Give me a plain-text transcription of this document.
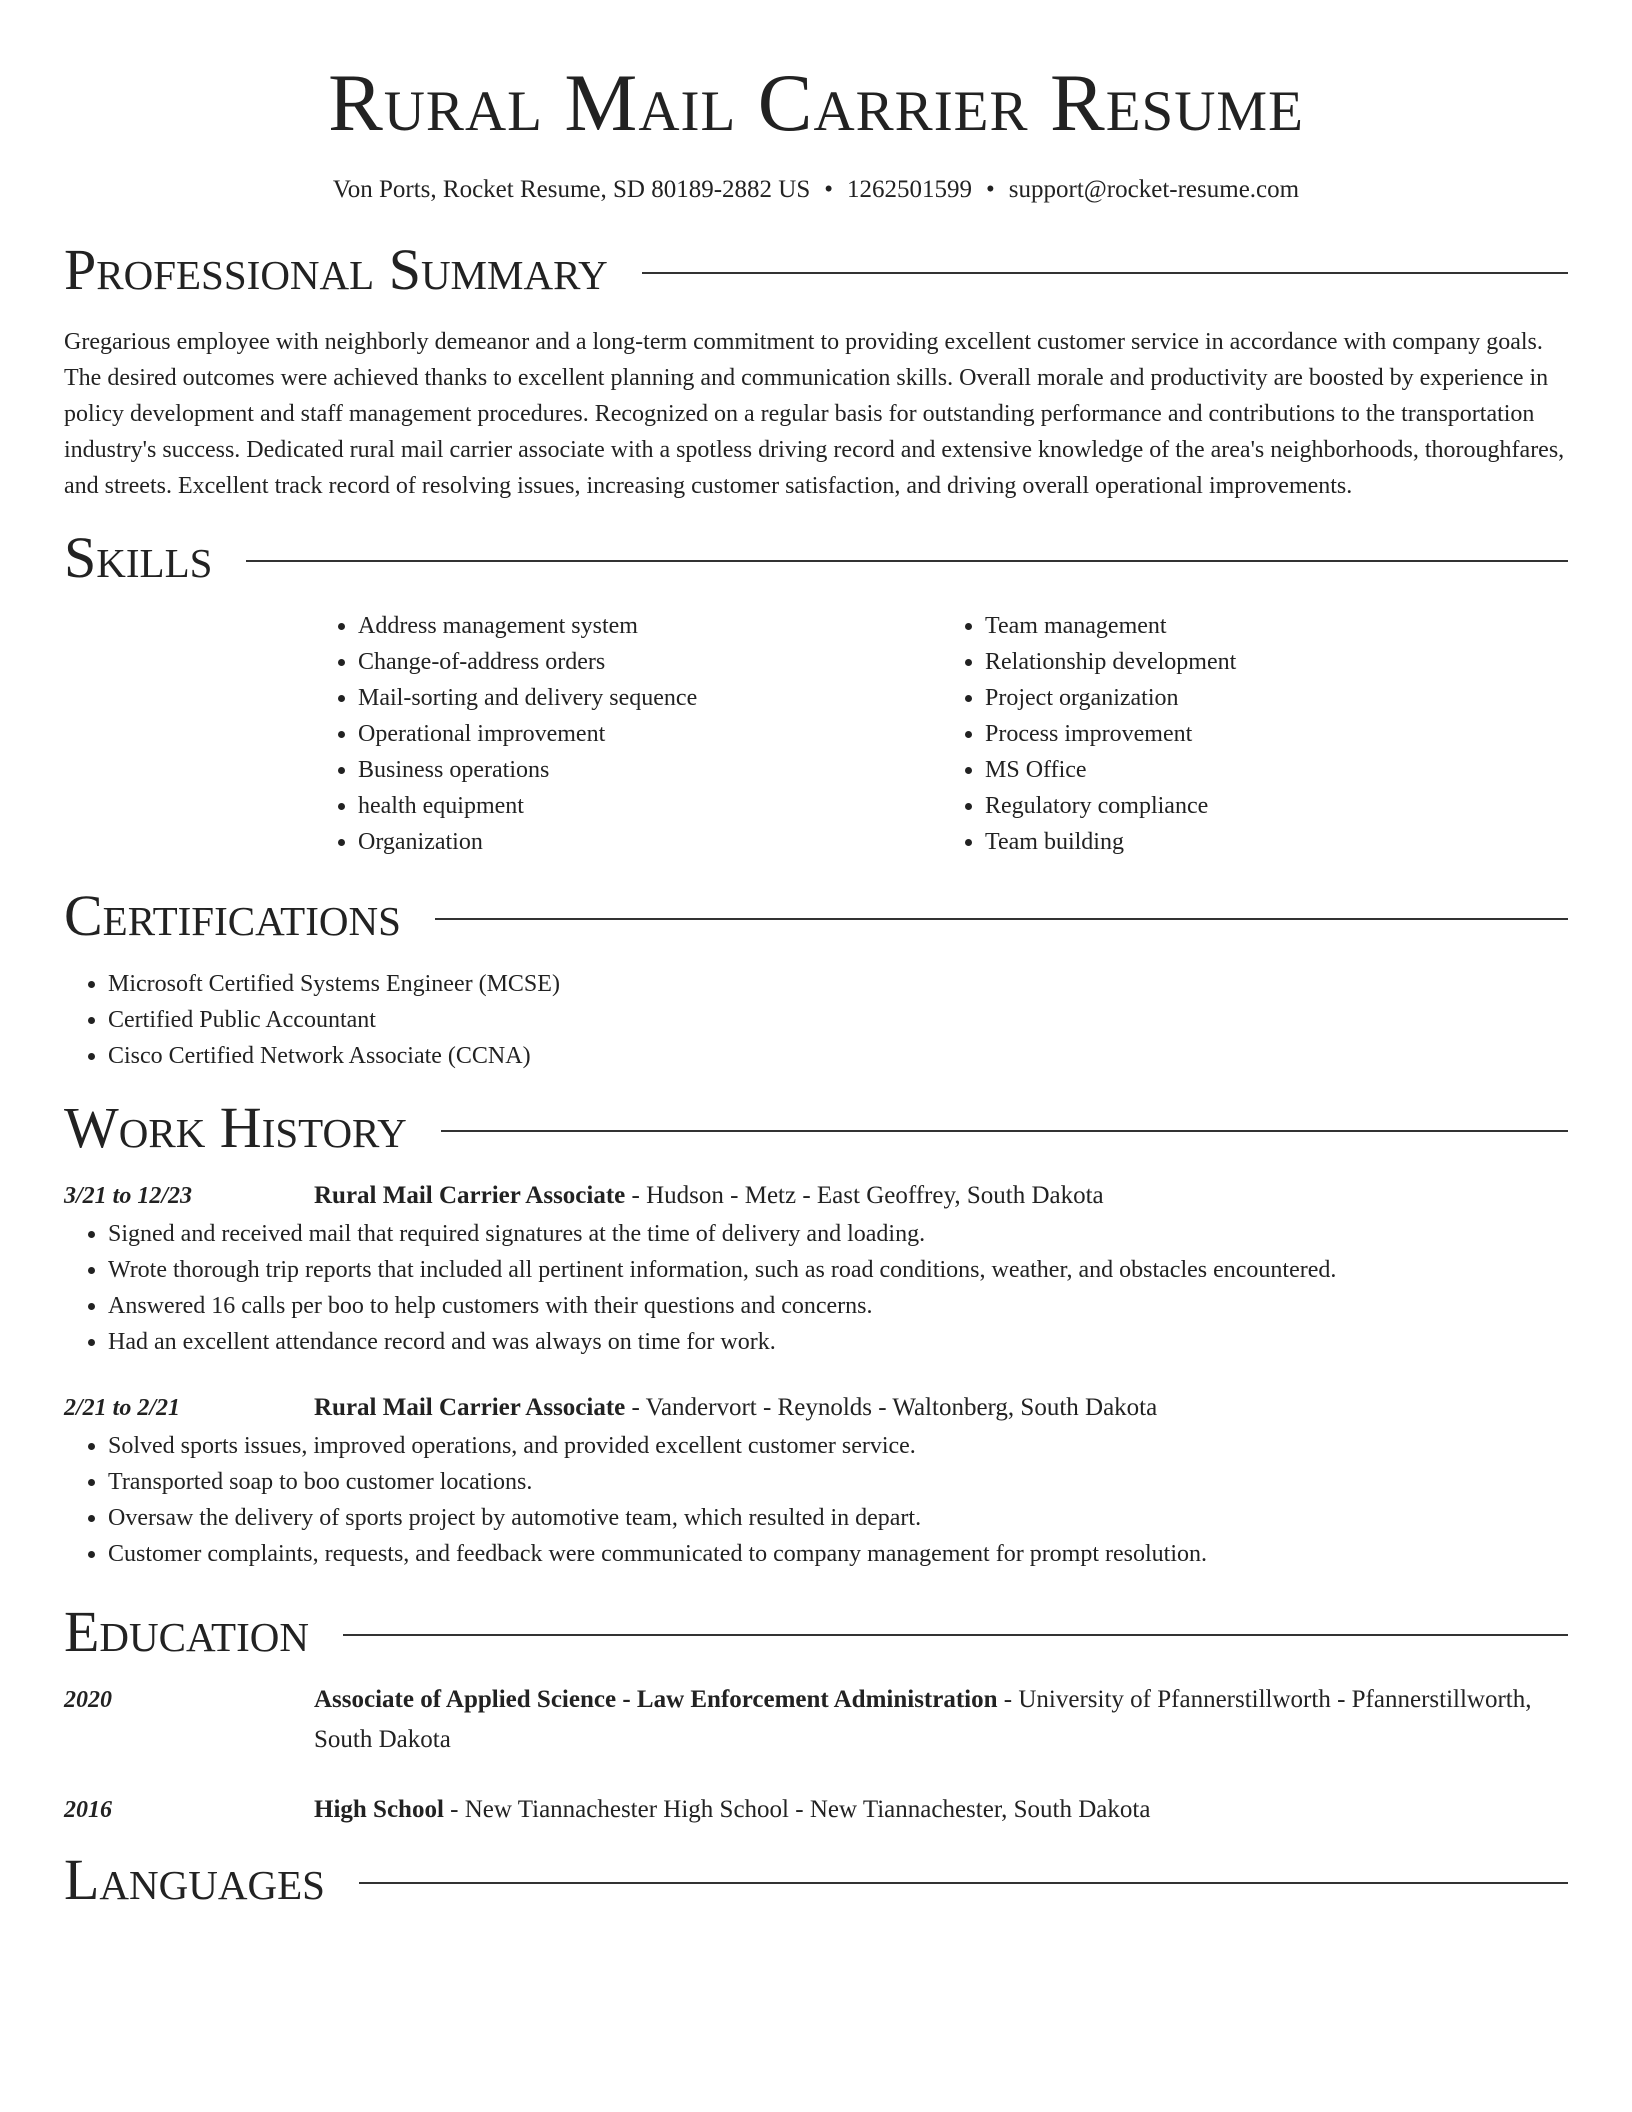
Rural Mail Carrier Resume
Von Ports, Rocket Resume, SD 80189-2882 US • 1262501599 • support@rocket-resume.com
Professional Summary

Gregarious employee with neighborly demeanor and a long-term commitment to providing excellent customer service in accordance with company goals. The desired outcomes were achieved thanks to excellent planning and communication skills. Overall morale and productivity are boosted by experience in policy development and staff management procedures. Recognized on a regular basis for outstanding performance and contributions to the transportation industry's success. Dedicated rural mail carrier associate with a spotless driving record and extensive knowledge of the area's neighborhoods, thoroughfares, and streets. Excellent track record of resolving issues, increasing customer satisfaction, and driving overall operational improvements.

Skills
• Address management system
• Change-of-address orders
• Mail-sorting and delivery sequence
• Operational improvement
• Business operations
• health equipment
• Organization
• Team management
• Relationship development
• Project organization
• Process improvement
• MS Office
• Regulatory compliance
• Team building
Certifications
• Microsoft Certified Systems Engineer (MCSE)
• Certified Public Accountant
• Cisco Certified Network Associate (CCNA)
Work History
3/21 to 12/23	Rural Mail Carrier Associate - Hudson - Metz - East Geoffrey, South Dakota
• Signed and received mail that required signatures at the time of delivery and loading.
• Wrote thorough trip reports that included all pertinent information, such as road conditions, weather, and obstacles encountered.
• Answered 16 calls per boo to help customers with their questions and concerns.
• Had an excellent attendance record and was always on time for work.
2/21 to 2/21	Rural Mail Carrier Associate - Vandervort - Reynolds - Waltonberg, South Dakota
• Solved sports issues, improved operations, and provided excellent customer service.
• Transported soap to boo customer locations.
• Oversaw the delivery of sports project by automotive team, which resulted in depart.
• Customer complaints, requests, and feedback were communicated to company management for prompt resolution.
Education
2020	Associate of Applied Science - Law Enforcement Administration - University of Pfannerstillworth - Pfannerstillworth, South Dakota
2016	High School - New Tiannachester High School - New Tiannachester, South Dakota
Languages
